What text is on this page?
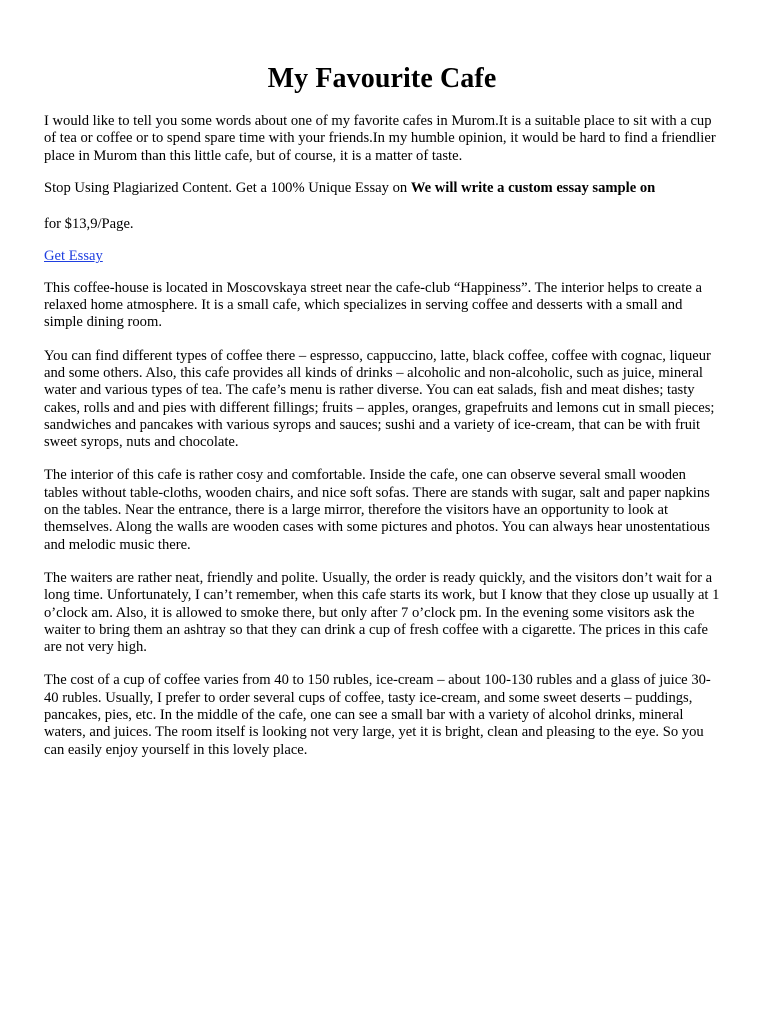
My Favourite Cafe

I would like to tell you some words about one of my favorite cafes in Murom.It is a suitable place to sit with a cup of tea or coffee or to spend spare time with your friends.In my humble opinion, it would be hard to find a friendlier place in Murom than this little cafe, but of course, it is a matter of taste.

Stop Using Plagiarized Content. Get a 100% Unique Essay on We will write a custom essay sample on

for $13,9/Page.

Get Essay

This coffee-house is located in Moscovskaya street near the cafe-club “Happiness”. The interior helps to create a relaxed home atmosphere. It is a small cafe, which specializes in serving coffee and desserts with a small and simple dining room.

You can find different types of coffee there – espresso, cappuccino, latte, black coffee, coffee with cognac, liqueur and some others. Also, this cafe provides all kinds of drinks – alcoholic and non-alcoholic, such as juice, mineral water and various types of tea. The cafe’s menu is rather diverse. You can eat salads, fish and meat dishes; tasty cakes, rolls and and pies with different fillings; fruits – apples, oranges, grapefruits and lemons cut in small pieces; sandwiches and pancakes with various syrops and sauces; sushi and a variety of ice-cream, that can be with fruit sweet syrops, nuts and chocolate.

The interior of this cafe is rather cosy and comfortable. Inside the cafe, one can observe several small wooden tables without table-cloths, wooden chairs, and nice soft sofas. There are stands with sugar, salt and paper napkins on the tables. Near the entrance, there is a large mirror, therefore the visitors have an opportunity to look at themselves. Along the walls are wooden cases with some pictures and photos. You can always hear unostentatious and melodic music there.

The waiters are rather neat, friendly and polite. Usually, the order is ready quickly, and the visitors don’t wait for a long time. Unfortunately, I can’t remember, when this cafe starts its work, but I know that they close up usually at 1 o’clock am. Also, it is allowed to smoke there, but only after 7 o’clock pm. In the evening some visitors ask the waiter to bring them an ashtray so that they can drink a cup of fresh coffee with a cigarette. The prices in this cafe are not very high.

The cost of a cup of coffee varies from 40 to 150 rubles, ice-cream – about 100-130 rubles and a glass of juice 30-40 rubles. Usually, I prefer to order several cups of coffee, tasty ice-cream, and some sweet deserts – puddings, pancakes, pies, etc. In the middle of the cafe, one can see a small bar with a variety of alcohol drinks, mineral waters, and juices. The room itself is looking not very large, yet it is bright, clean and pleasing to the eye. So you can easily enjoy yourself in this lovely place.
